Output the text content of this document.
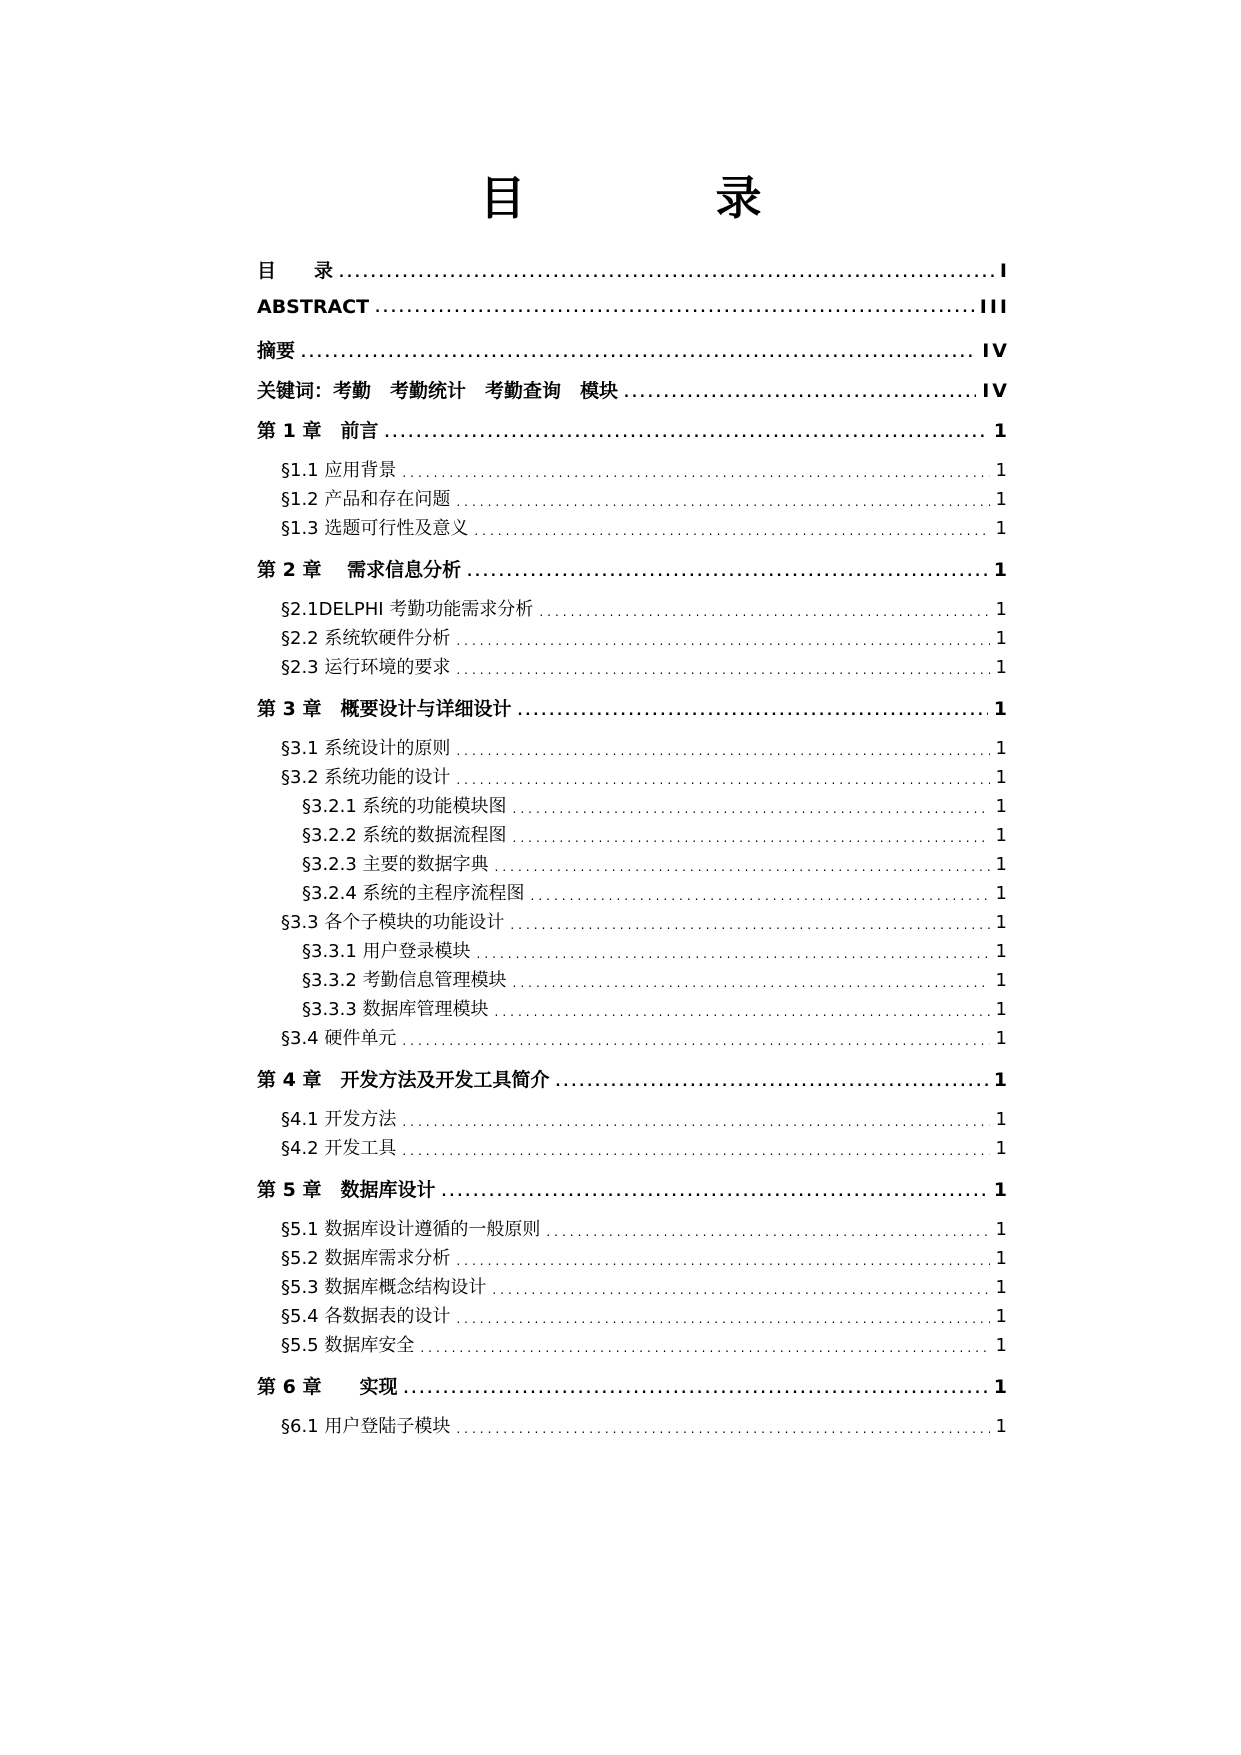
目　录
目　　录 .....	I
ABSTRACT .....	III
摘要 .....	IV
关键词：考勤　考勤统计　考勤查询　模块 .....	IV
第 1 章　前言 .....	1
§1.1 应用背景 .....	1
§1.2 产品和存在问题 .....	1
§1.3 选题可行性及意义 .....	1
第 2 章　 需求信息分析 .....	1
§2.1DELPHI 考勤功能需求分析 .....	1
§2.2 系统软硬件分析 .....	1
§2.3 运行环境的要求 .....	1
第 3 章　概要设计与详细设计 .....	1
§3.1 系统设计的原则 .....	1
§3.2 系统功能的设计 .....	1
§3.2.1 系统的功能模块图 .....	1
§3.2.2 系统的数据流程图 .....	1
§3.2.3 主要的数据字典 .....	1
§3.2.4 系统的主程序流程图 .....	1
§3.3 各个子模块的功能设计 .....	1
§3.3.1 用户登录模块 .....	1
§3.3.2 考勤信息管理模块 .....	1
§3.3.3 数据库管理模块 .....	1
§3.4 硬件单元 .....	1
第 4 章　开发方法及开发工具简介 .....	1
§4.1 开发方法 .....	1
§4.2 开发工具 .....	1
第 5 章　数据库设计 .....	1
§5.1 数据库设计遵循的一般原则 .....	1
§5.2 数据库需求分析 .....	1
§5.3 数据库概念结构设计 .....	1
§5.4 各数据表的设计 .....	1
§5.5 数据库安全 .....	1
第 6 章　　实现 .....	1
§6.1 用户登陆子模块 .....	1
